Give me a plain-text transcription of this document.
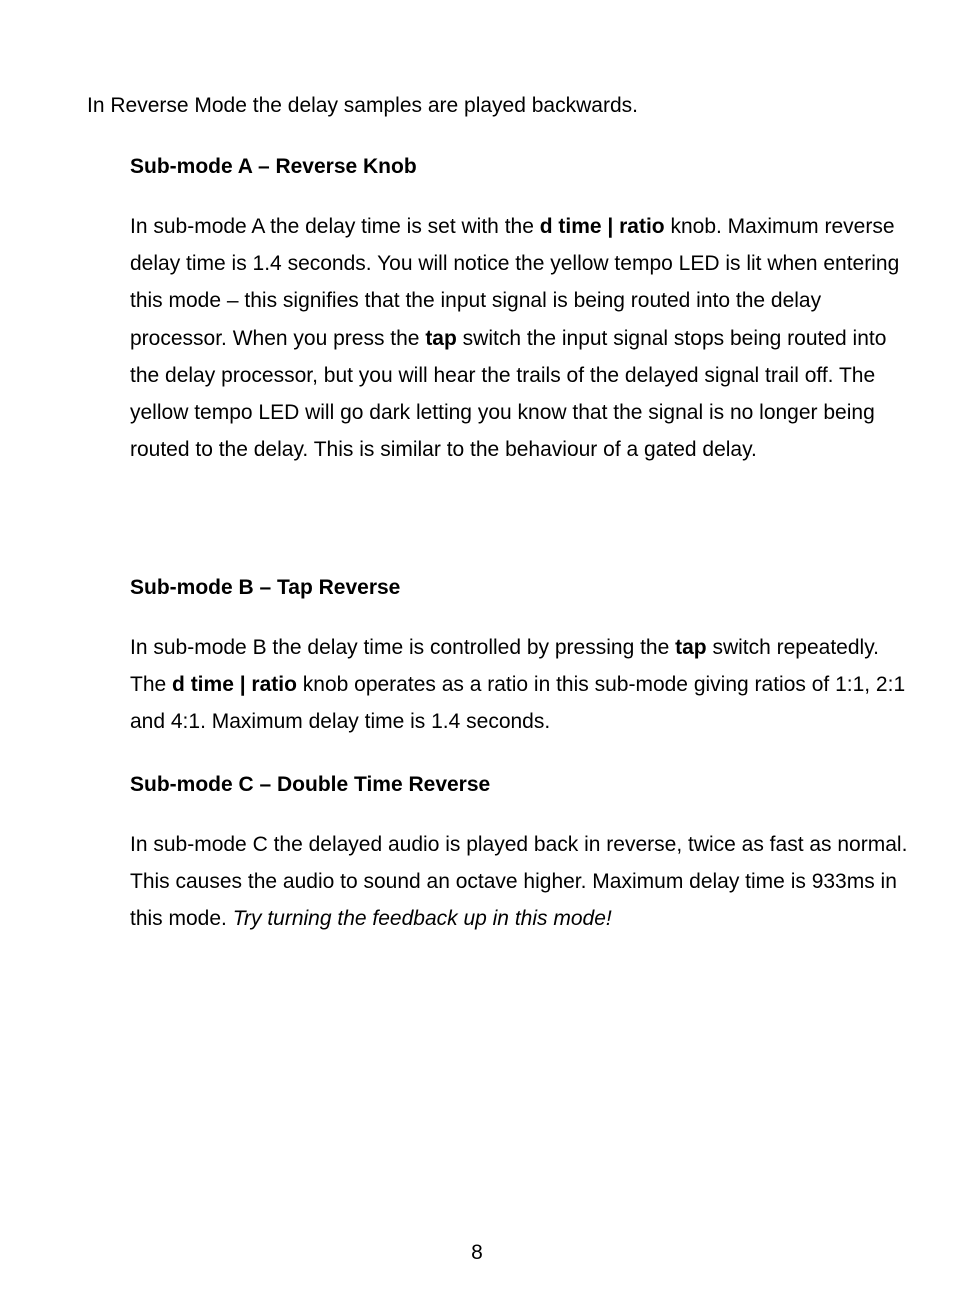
In Reverse Mode the delay samples are played backwards.

Sub-mode A – Reverse Knob

In sub-mode A the delay time is set with the d time | ratio knob. Maximum reverse delay time is 1.4 seconds. You will notice the yellow tempo LED is lit when entering this mode – this signifies that the input signal is being routed into the delay processor. When you press the tap switch the input signal stops being routed into the delay processor, but you will hear the trails of the delayed signal trail off. The yellow tempo LED will go dark letting you know that the signal is no longer being routed to the delay. This is similar to the behaviour of a gated delay.

Sub-mode B – Tap Reverse

In sub-mode B the delay time is controlled by pressing the tap switch repeatedly. The d time | ratio knob operates as a ratio in this sub-mode giving ratios of 1:1, 2:1 and 4:1. Maximum delay time is 1.4 seconds.

Sub-mode C – Double Time Reverse

In sub-mode C the delayed audio is played back in reverse, twice as fast as normal. This causes the audio to sound an octave higher. Maximum delay time is 933ms in this mode. Try turning the feedback up in this mode!

8
